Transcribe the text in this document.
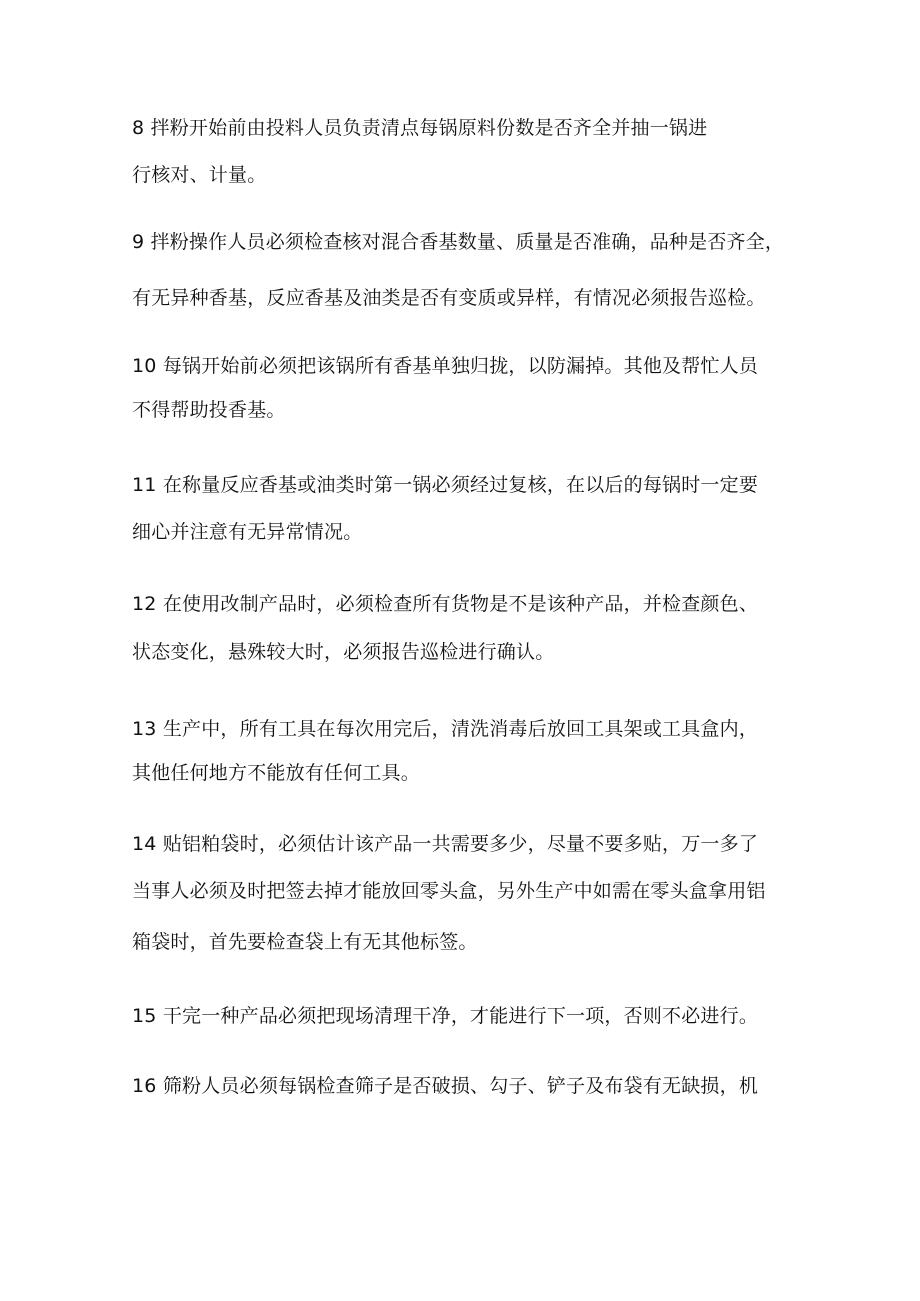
8 拌粉开始前由投料人员负责清点每锅原料份数是否齐全并抽一锅进
行核对、计量。
9 拌粉操作人员必须检查核对混合香基数量、质量是否准确，品种是否齐全，
有无异种香基，反应香基及油类是否有变质或异样，有情况必须报告巡检。
10 每锅开始前必须把该锅所有香基单独归拢，以防漏掉。其他及帮忙人员
不得帮助投香基。
11 在称量反应香基或油类时第一锅必须经过复核，在以后的每锅时一定要
细心并注意有无异常情况。
12 在使用改制产品时，必须检查所有货物是不是该种产品，并检查颜色、
状态变化，悬殊较大时，必须报告巡检进行确认。
13 生产中，所有工具在每次用完后，清洗消毒后放回工具架或工具盒内，
其他任何地方不能放有任何工具。
14 贴铝粕袋时，必须估计该产品一共需要多少，尽量不要多贴，万一多了
当事人必须及时把签去掉才能放回零头盒，另外生产中如需在零头盒拿用铝
箱袋时，首先要检查袋上有无其他标签。
15 干完一种产品必须把现场清理干净，才能进行下一项，否则不必进行。
16 筛粉人员必须每锅检查筛子是否破损、勾子、铲子及布袋有无缺损，机
